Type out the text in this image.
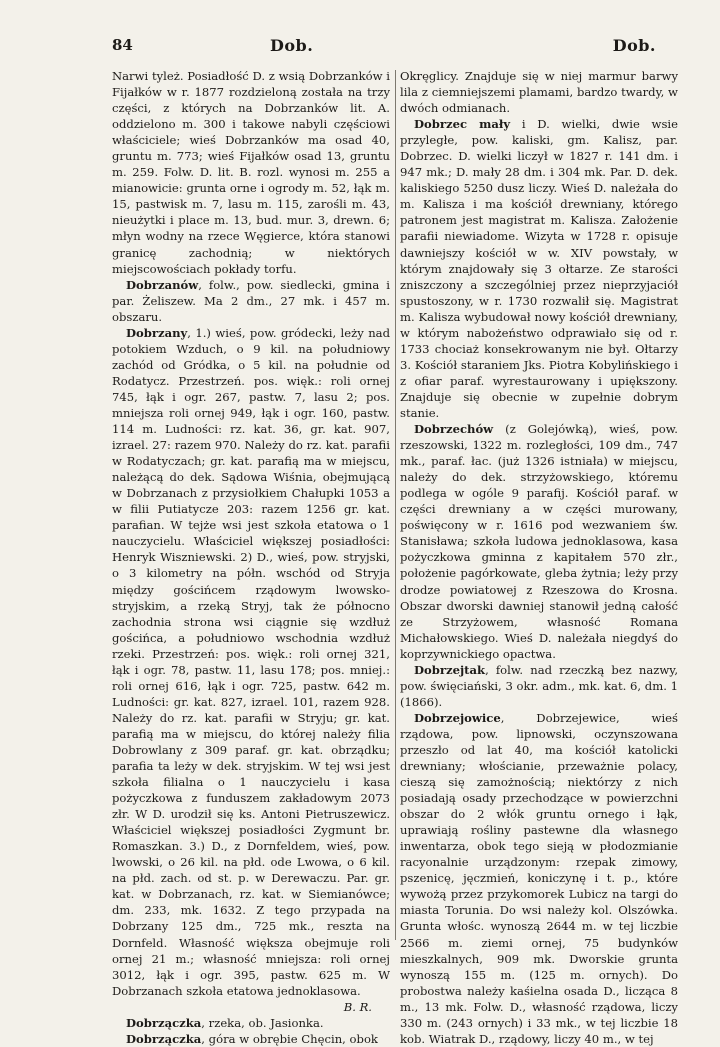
84	Dob.	Dob.

Narwi tyleż. Posiadłość D. z wsią Dobrzanków i Fijałków w r. 1877 rozdzieloną została na trzy części, z których na Dobrzanków lit. A. oddzielono m. 300 i takowe nabyli częściowi właściciele; wieś Dobrzanków ma osad 40, gruntu m. 773; wieś Fijałków osad 13, gruntu m. 259. Folw. D. lit. B. rozl. wynosi m. 255 a mianowicie: grunta orne i ogrody m. 52, łąk m. 15, pastwisk m. 7, lasu m. 115, zarośli m. 43, nieużytki i place m. 13, bud. mur. 3, drewn. 6; młyn wodny na rzece Węgierce, która stanowi granicę zachodnią; w niektórych miejscowościach pokłady torfu.

Dobrzanów, folw., pow. siedlecki, gmina i par. Żeliszew. Ma 2 dm., 27 mk. i 457 m. obszaru.

Dobrzany, 1.) wieś, pow. gródecki, leży nad potokiem Wzduch, o 9 kil. na południowy zachód od Gródka, o 5 kil. na południe od Rodatycz. Przestrzeń. pos. więk.: roli ornej 745, łąk i ogr. 267, pastw. 7, lasu 2; pos. mniejsza roli ornej 949, łąk i ogr. 160, pastw. 114 m. Ludności: rz. kat. 36, gr. kat. 907, izrael. 27: razem 970. Należy do rz. kat. parafii w Rodatyczach; gr. kat. parafią ma w miejscu, należącą do dek. Sądowa Wiśnia, obejmującą w Dobrzanach z przysiołkiem Chałupki 1053 a w filii Putiatycze 203: razem 1256 gr. kat. parafian. W tejże wsi jest szkoła etatowa o 1 nauczycielu. Właściciel większej posiadłości: Henryk Wiszniewski. 2) D., wieś, pow. stryjski, o 3 kilometry na półn. wschód od Stryja między gościńcem rządowym lwowsko-stryjskim, a rzeką Stryj, tak że północno zachodnia strona wsi ciągnie się wzdłuż gościńca, a południowo wschodnia wzdłuż rzeki. Przestrzeń: pos. więk.: roli ornej 321, łąk i ogr. 78, pastw. 11, lasu 178; pos. mniej.: roli ornej 616, łąk i ogr. 725, pastw. 642 m. Ludności: gr. kat. 827, izrael. 101, razem 928. Należy do rz. kat. parafii w Stryju; gr. kat. parafią ma w miejscu, do której należy filia Dobrowlany z 309 paraf. gr. kat. obrządku; parafia ta leży w dek. stryjskim. W tej wsi jest szkoła filialna o 1 nauczycielu i kasa pożyczkowa z funduszem zakładowym 2073 złr. W D. urodził się ks. Antoni Pietruszewicz. Właściciel większej posiadłości Zygmunt br. Romaszkan. 3.) D., z Dornfeldem, wieś, pow. lwowski, o 26 kil. na płd. ode Lwowa, o 6 kil. na płd. zach. od st. p. w Derewaczu. Par. gr. kat. w Dobrzanach, rz. kat. w Siemianówce; dm. 233, mk. 1632. Z tego przypada na Dobrzany 125 dm., 725 mk., reszta na Dornfeld. Własność większa obejmuje roli ornej 21 m.; własność mniejsza: roli ornej 3012, łąk i ogr. 395, pastw. 625 m. W Dobrzanach szkoła etatowa jednoklasowa.

B. R.

Dobrzączka, rzeka, ob. Jasionka.

Dobrzączka, góra w obrębie Chęcin, obok

Okręglicy. Znajduje się w niej marmur barwy lila z ciemniejszemi plamami, bardzo twardy, w dwóch odmianach.

Dobrzec mały i D. wielki, dwie wsie przyległe, pow. kaliski, gm. Kalisz, par. Dobrzec. D. wielki liczył w 1827 r. 141 dm. i 947 mk.; D. mały 28 dm. i 304 mk. Par. D. dek. kaliskiego 5250 dusz liczy. Wieś D. należała do m. Kalisza i ma kościół drewniany, którego patronem jest magistrat m. Kalisza. Założenie parafii niewiadome. Wizyta w 1728 r. opisuje dawniejszy kościół w w. XIV powstały, w którym znajdowały się 3 ołtarze. Ze starości zniszczony a szczególniej przez nieprzyjaciół spustoszony, w r. 1730 rozwalił się. Magistrat m. Kalisza wybudował nowy kościół drewniany, w którym nabożeństwo odprawiało się od r. 1733 chociaż konsekrowanym nie był. Ołtarzy 3. Kościół staraniem Jks. Piotra Kobylińskiego i z ofiar paraf. wyrestaurowany i upiększony. Znajduje się obecnie w zupełnie dobrym stanie.

Dobrzechów (z Golejówką), wieś, pow. rzeszowski, 1322 m. rozległości, 109 dm., 747 mk., paraf. łac. (już 1326 istniała) w miejscu, należy do dek. strzyżowskiego, któremu podlega w ogóle 9 parafij. Kościół paraf. w części drewniany a w części murowany, poświęcony w r. 1616 pod wezwaniem św. Stanisława; szkoła ludowa jednoklasowa, kasa pożyczkowa gminna z kapitałem 570 złr., położenie pagórkowate, gleba żytnia; leży przy drodze powiatowej z Rzeszowa do Krosna. Obszar dworski dawniej stanowił jedną całość ze Strzyżowem, własność Romana Michałowskiego. Wieś D. należała niegdyś do koprzywnickiego opactwa.

Dobrzejtak, folw. nad rzeczką bez nazwy, pow. święciański, 3 okr. adm., mk. kat. 6, dm. 1 (1866).

Dobrzejowice, Dobrzejewice, wieś rządowa, pow. lipnowski, oczynszowana przeszło od lat 40, ma kościół katolicki drewniany; włościanie, przeważnie polacy, cieszą się zamożnością; niektórzy z nich posiadają osady przechodzące w powierzchni obszar do 2 włók gruntu ornego i łąk, uprawiają rośliny pastewne dla własnego inwentarza, obok tego sieją w płodozmianie racyonalnie urządzonym: rzepak zimowy, pszenicę, jęczmień, koniczynę i t. p., które wywożą przez przykomorek Lubicz na targi do miasta Torunia. Do wsi należy kol. Olszówka. Grunta włośc. wynoszą 2644 m. w tej liczbie 2566 m. ziemi ornej, 75 budynków mieszkalnych, 909 mk. Dworskie grunta wynoszą 155 m. (125 m. ornych). Do probostwa należy kaśielna osada D., licząca 8 m., 13 mk. Folw. D., własność rządowa, liczy 330 m. (243 ornych) i 33 mk., w tej liczbie 18 kob. Wiatrak D., rządowy, liczy 40 m., w tej
